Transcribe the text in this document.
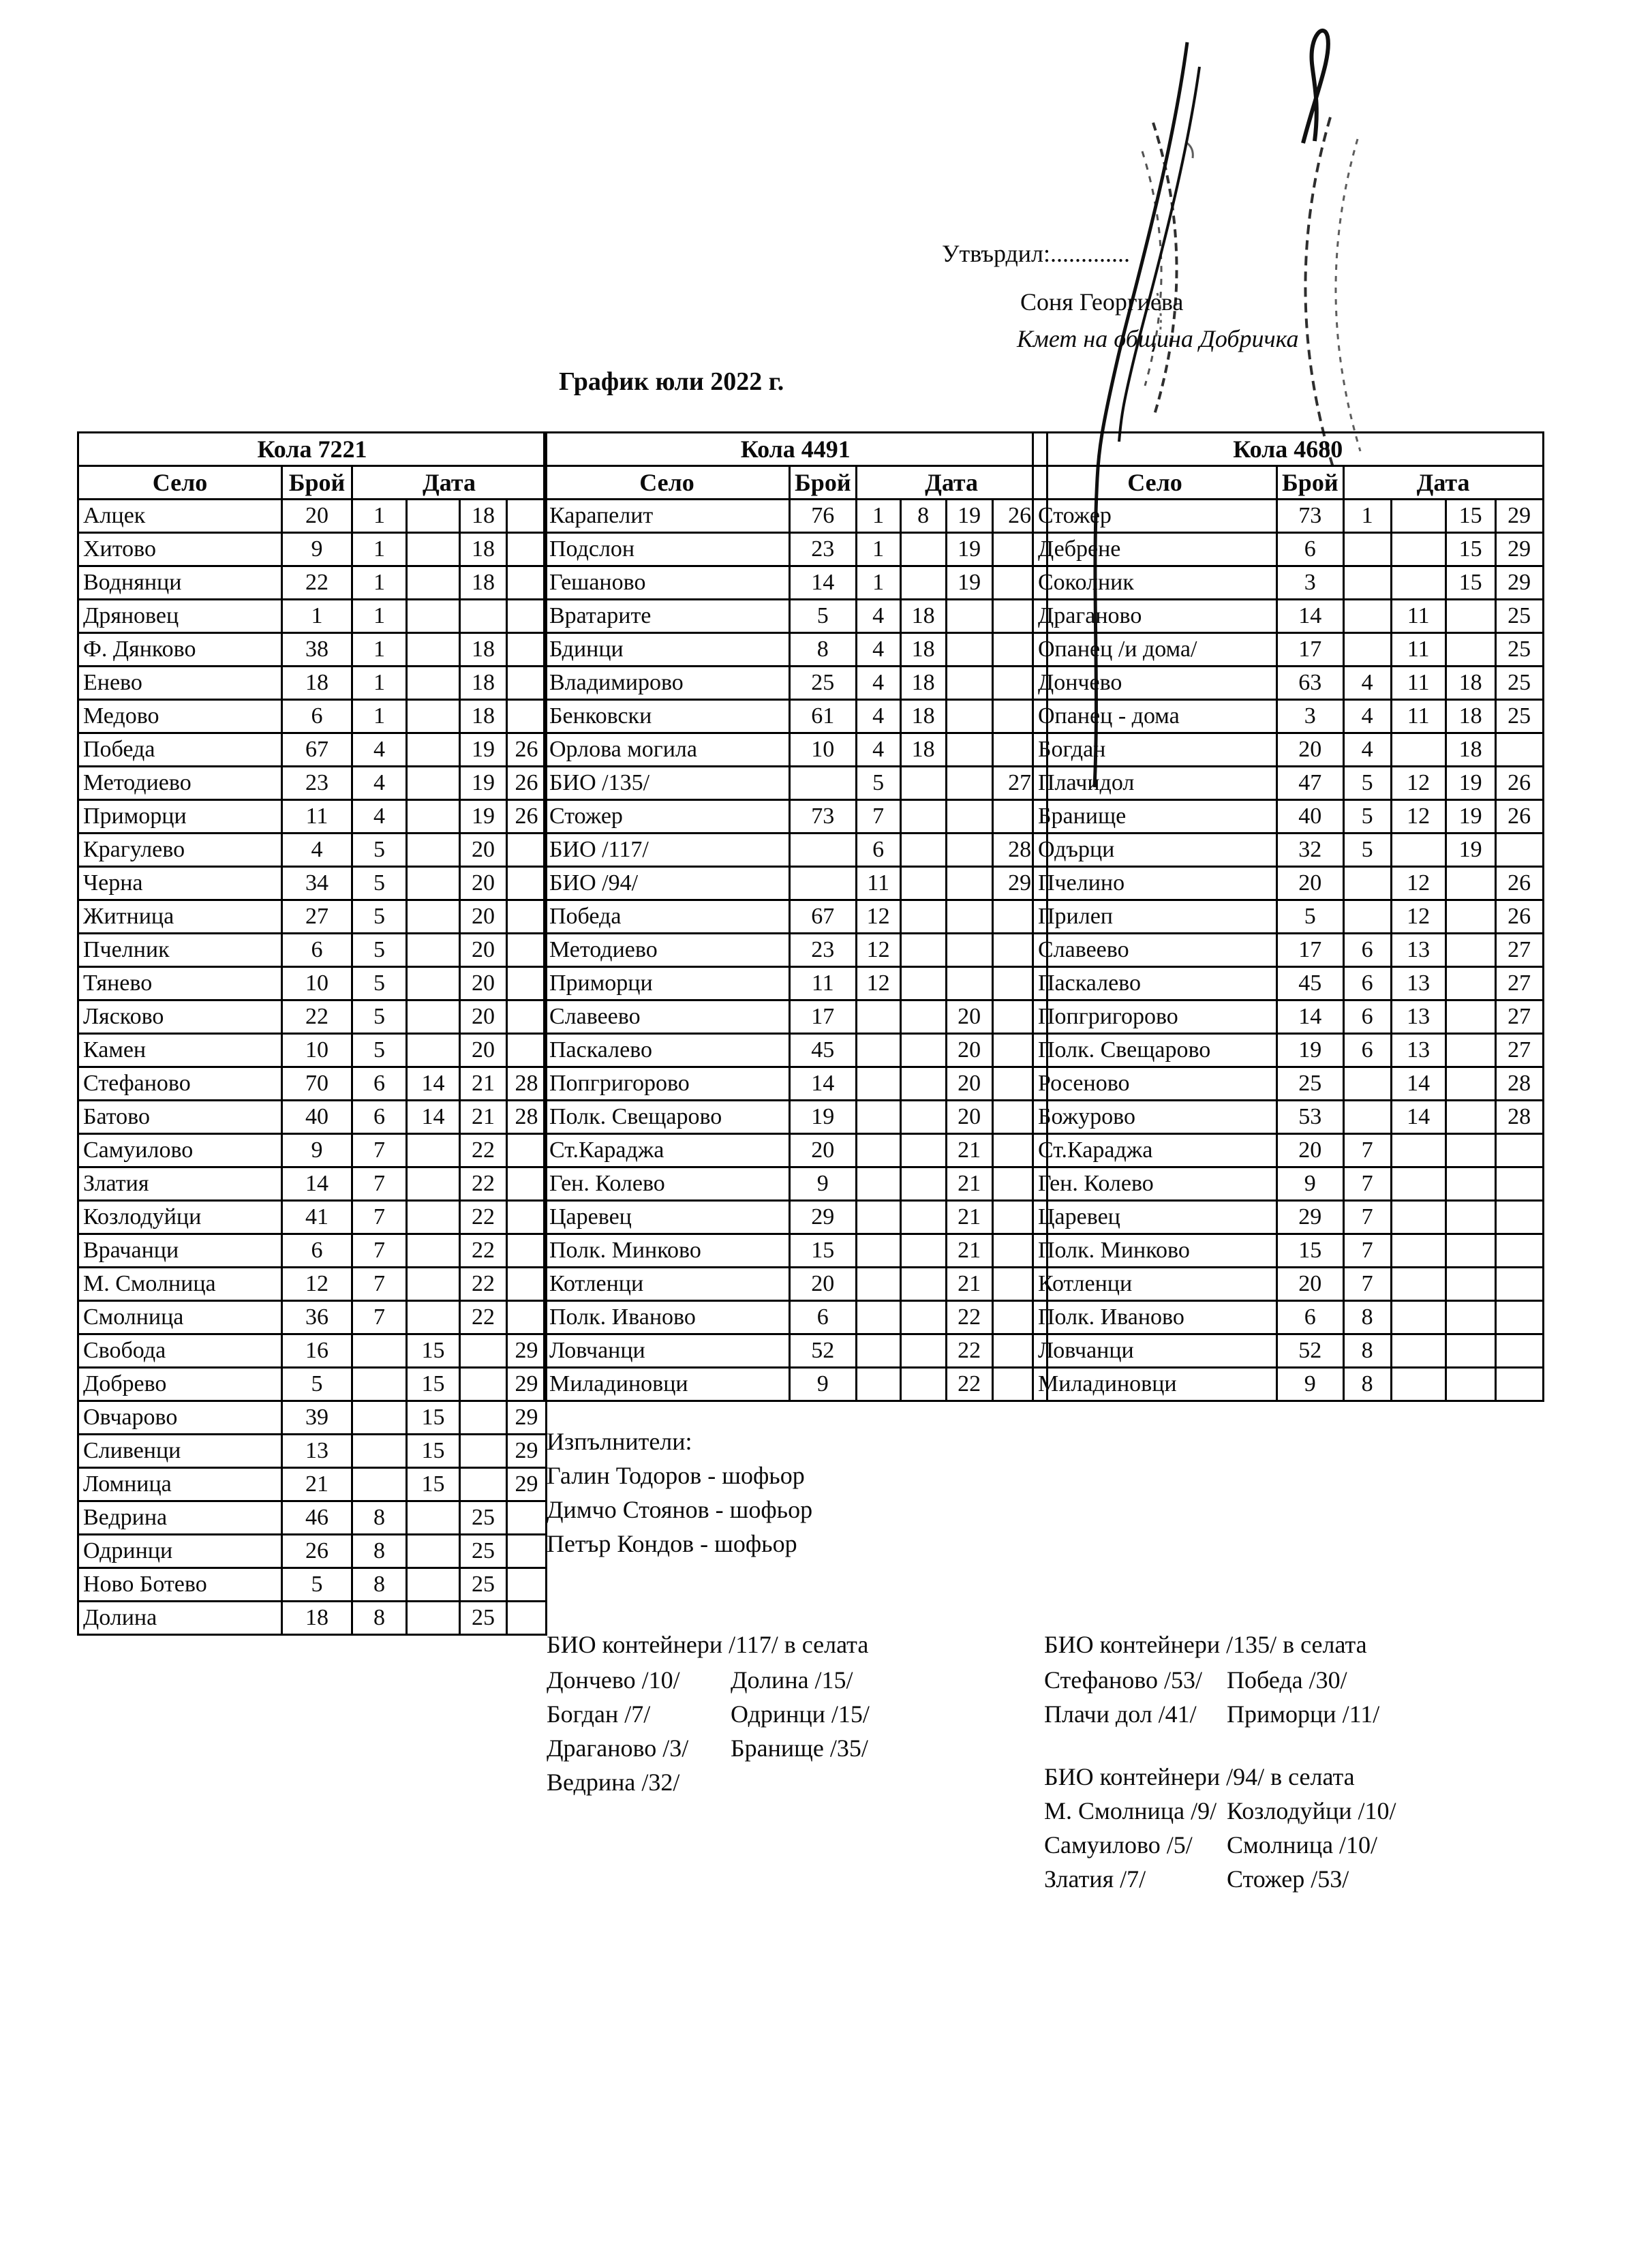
Утвърдил:.............
Соня Георгиева
Кмет на община Добричка
График юли 2022 г.
Кола 7221					
Село	Брой	Дата			
Алцек	20	1		18	
Хитово	9	1		18	
Воднянци	22	1		18	
Дряновец	1	1			
Ф. Дянково	38	1		18	
Енево	18	1		18	
Медово	6	1		18	
Победа	67	4		19	26
Методиево	23	4		19	26
Приморци	11	4		19	26
Крагулево	4	5		20	
Черна	34	5		20	
Житница	27	5		20	
Пчелник	6	5		20	
Тянево	10	5		20	
Лясково	22	5		20	
Камен	10	5		20	
Стефаново	70	6	14	21	28
Батово	40	6	14	21	28
Самуилово	9	7		22	
Златия	14	7		22	
Козлодуйци	41	7		22	
Врачанци	6	7		22	
М. Смолница	12	7		22	
Смолница	36	7		22	
Свобода	16		15		29
Добрево	5		15		29
Овчарово	39		15		29
Сливенци	13		15		29
Ломница	21		15		29
Ведрина	46	8		25	
Одринци	26	8		25	
Ново Ботево	5	8		25	
Долина	18	8		25	
Кола 4491					
Село	Брой	Дата			
Карапелит	76	1	8	19	26
Подслон	23	1		19	
Гешаново	14	1		19	
Вратарите	5	4	18		
Бдинци	8	4	18		
Владимирово	25	4	18		
Бенковски	61	4	18		
Орлова могила	10	4	18		
БИО /135/		5			27
Стожер	73	7			
БИО /117/		6			28
БИО /94/		11			29
Победа	67	12			
Методиево	23	12			
Приморци	11	12			
Славеево	17			20	
Паскалево	45			20	
Попгригорово	14			20	
Полк. Свещарово	19			20	
Ст.Караджа	20			21	
Ген. Колево	9			21	
Царевец	29			21	
Полк. Минково	15			21	
Котленци	20			21	
Полк. Иваново	6			22	
Ловчанци	52			22	
Миладиновци	9			22	
Кола 4680					
Село	Брой	Дата			
Стожер	73	1		15	29
Дебрене	6			15	29
Соколник	3			15	29
Драганово	14		11		25
Опанец /и дома/	17		11		25
Дончево	63	4	11	18	25
Опанец - дома	3	4	11	18	25
Богдан	20	4		18	
Плачидол	47	5	12	19	26
Бранище	40	5	12	19	26
Одърци	32	5		19	
Пчелино	20		12		26
Прилеп	5		12		26
Славеево	17	6	13		27
Паскалево	45	6	13		27
Попгригорово	14	6	13		27
Полк. Свещарово	19	6	13		27
Росеново	25		14		28
Божурово	53		14		28
Ст.Караджа	20	7			
Ген. Колево	9	7			
Царевец	29	7			
Полк. Минково	15	7			
Котленци	20	7			
Полк. Иваново	6	8			
Ловчанци	52	8			
Миладиновци	9	8			
Изпълнители:
Галин Тодоров - шофьор
Димчо Стоянов - шофьор
Петър Кондов - шофьор
БИО контейнери /117/ в селата
Дончево /10/
Богдан /7/
Драганово /3/
Ведрина /32/
Долина /15/
Одринци /15/
Бранище /35/
БИО контейнери /135/ в селата
Стефаново /53/
Плачи дол /41/
Победа /30/
Приморци /11/
БИО контейнери /94/ в селата
М. Смолница /9/
Самуилово /5/
Златия /7/
Козлодуйци /10/
Смолница /10/
Стожер /53/
